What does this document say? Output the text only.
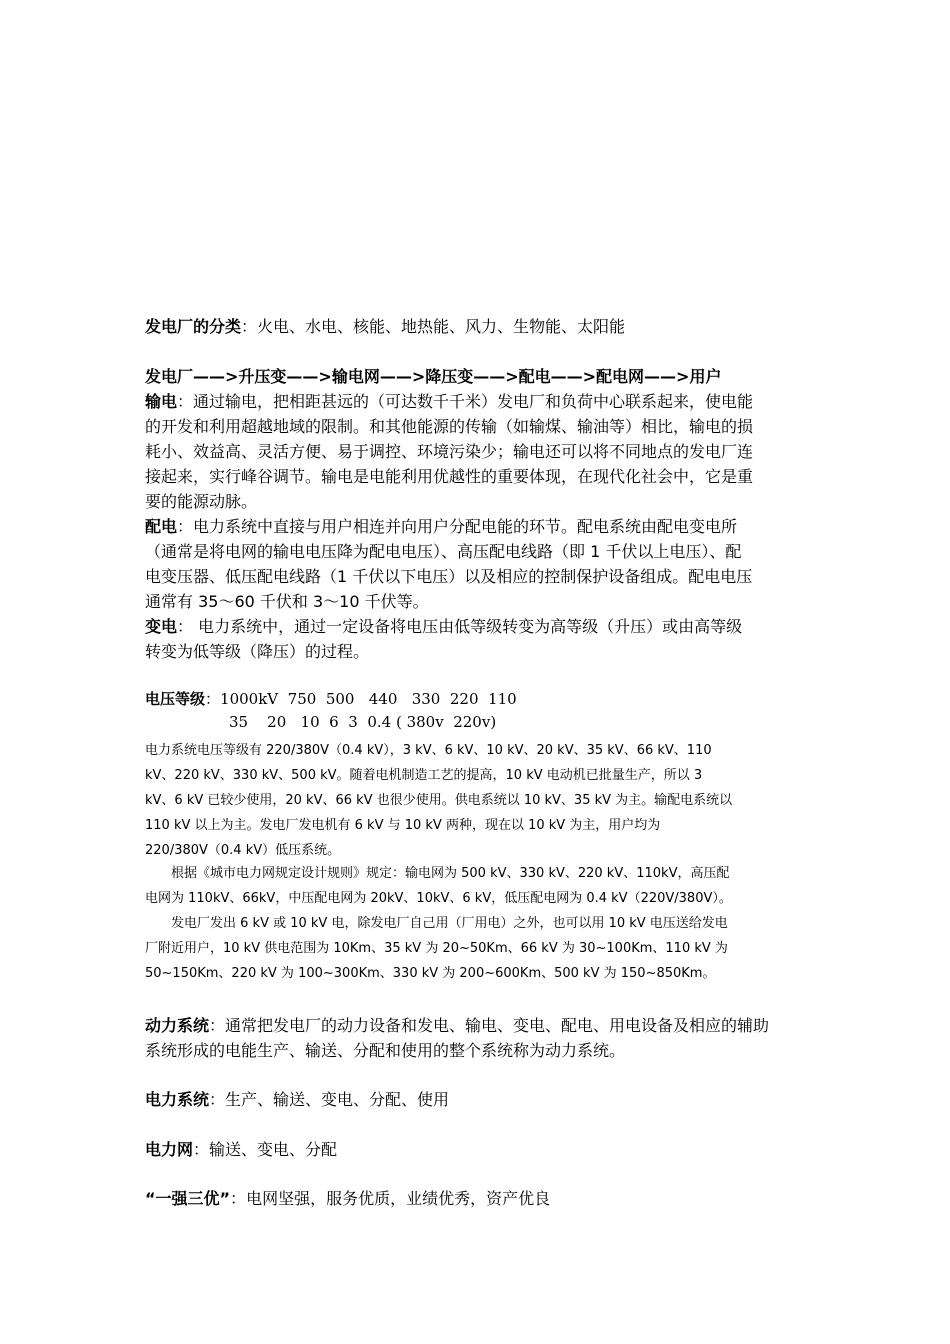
发电厂的分类：火电、水电、核能、地热能、风力、生物能、太阳能
发电厂——>升压变——>输电网——>降压变——>配电——>配电网——>用户
输电：通过输电，把相距甚远的（可达数千千米）发电厂和负荷中心联系起来，使电能
的开发和利用超越地域的限制。和其他能源的传输（如输煤、输油等）相比，输电的损
耗小、效益高、灵活方便、易于调控、环境污染少；输电还可以将不同地点的发电厂连
接起来，实行峰谷调节。输电是电能利用优越性的重要体现，在现代化社会中，它是重
要的能源动脉。
配电：电力系统中直接与用户相连并向用户分配电能的环节。配电系统由配电变电所
（通常是将电网的输电电压降为配电电压）、高压配电线路（即 1 千伏以上电压）、配
电变压器、低压配电线路（1 千伏以下电压）以及相应的控制保护设备组成。配电电压
通常有 35～60 千伏和 3～10 千伏等。
变电： 电力系统中，通过一定设备将电压由低等级转变为高等级（升压）或由高等级
转变为低等级（降压）的过程。
电压等级：1000kV  750  500   440   330  220  110
35    20   10  6  3  0.4 ( 380v  220v)
电力系统电压等级有 220/380V（0.4 kV），3 kV、6 kV、10 kV、20 kV、35 kV、66 kV、110
kV、220 kV、330 kV、500 kV。随着电机制造工艺的提高，10 kV 电动机已批量生产，所以 3
kV、6 kV 已较少使用，20 kV、66 kV 也很少使用。供电系统以 10 kV、35 kV 为主。输配电系统以
110 kV 以上为主。发电厂发电机有 6 kV 与 10 kV 两种，现在以 10 kV 为主，用户均为
220/380V（0.4 kV）低压系统。
　　根据《城市电力网规定设计规则》规定：输电网为 500 kV、330 kV、220 kV、110kV，高压配
电网为 110kV、66kV，中压配电网为 20kV、10kV、6 kV，低压配电网为 0.4 kV（220V/380V）。
　　发电厂发出 6 kV 或 10 kV 电，除发电厂自己用（厂用电）之外，也可以用 10 kV 电压送给发电
厂附近用户，10 kV 供电范围为 10Km、35 kV 为 20~50Km、66 kV 为 30~100Km、110 kV 为
50~150Km、220 kV 为 100~300Km、330 kV 为 200~600Km、500 kV 为 150~850Km。
动力系统：通常把发电厂的动力设备和发电、输电、变电、配电、用电设备及相应的辅助
系统形成的电能生产、输送、分配和使用的整个系统称为动力系统。
电力系统：生产、输送、变电、分配、使用
电力网：输送、变电、分配
“一强三优”：电网坚强，服务优质，业绩优秀，资产优良
